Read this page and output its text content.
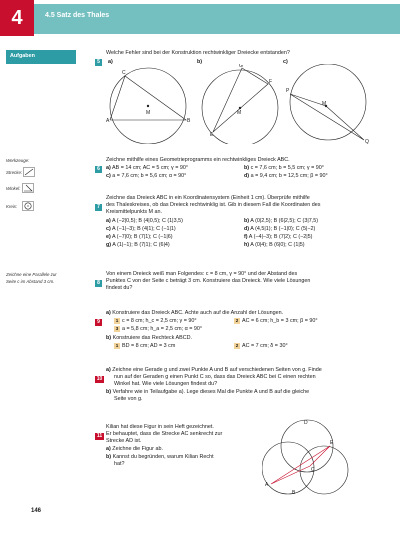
4	4.5 Satz des Thales
Aufgaben
5
Welche Fehler sind bei der Konstruktion rechtwinkliger Dreiecke entstanden?
a)	b)	c)
A
C
B
M
E
G
F
M
P
M
Q
Werkzeuge:
Strecke:
Winkel:
Kreis:
6
Zeichne mithilfe eines Geometrieprogramms ein rechtwinkliges Dreieck ABC.
a) AB = 14 cm; AC = 5 cm; γ = 90°	b) c = 7,6 cm; b = 5,5 cm; γ = 90°
c) a = 7,6 cm; b = 5,6 cm; α = 90°	d) a = 9,4 cm; b = 12,5 cm; β = 90°
7
Zeichne das Dreieck ABC in ein Koordinatensystem (Einheit 1 cm). Überprüfe mithilfe
des Thaleskreises, ob das Dreieck rechtwinklig ist. Gib in diesem Fall die Koordinaten des
Kreismittelpunkts M an.
a) A (−2|0,5); B (4|0,5); C (1|3,5)	b) A (0|2,5); B (6|2,5); C (3|7,5)
c) A (−1|−3); B (4|1); C (−1|1)	d) A (4,5|1); B (−1|0); C (5|−2)
e) A (−7|0); B (7|1); C (−1|6)	f) A (−4|−3); B (7|2); C (−2|5)
g) A (1|−1); B (7|1); C (6|4)	h) A (0|4); B (6|0); C (1|5)
Zeichne eine Parallele zur
Seite c im Abstand 3 cm.	8
Von einem Dreieck weiß man Folgendes: c = 8 cm, γ = 90° und der Abstand des
Punktes C von der Seite c beträgt 3 cm. Konstruiere das Dreieck. Wie viele Lösungen
findest du?
9
a) Konstruiere das Dreieck ABC. Achte auch auf die Anzahl der Lösungen.
1 c = 8 cm; h_c = 2,5 cm; γ = 90°	2 AC = 6 cm; h_b = 3 cm; β = 90°
3 a = 5,8 cm; h_a = 2,5 cm; α = 90°
b) Konstruiere das Rechteck ABCD.
1 BD = 8 cm; AD = 3 cm	2 AC = 7 cm; δ = 30°
10
a) Zeichne eine Gerade g und zwei Punkte A und B auf verschiedenen Seiten von g. Finde
nun auf der Geraden g einen Punkt C so, dass das Dreieck ABC bei C einen rechten
Winkel hat. Wie viele Lösungen findest du?
b) Verfahre wie in Teilaufgabe a). Lege dieses Mal die Punkte A und B auf die gleiche
Seite von g.
11
Kilian hat diese Figur in sein Heft gezeichnet.
Er behauptet, dass die Strecke AC senkrecht zur
Strecke AD ist.
a) Zeichne die Figur ab.
b) Kannst du begründen, warum Kilian Recht
hat?
D
E
A
C
B
146
